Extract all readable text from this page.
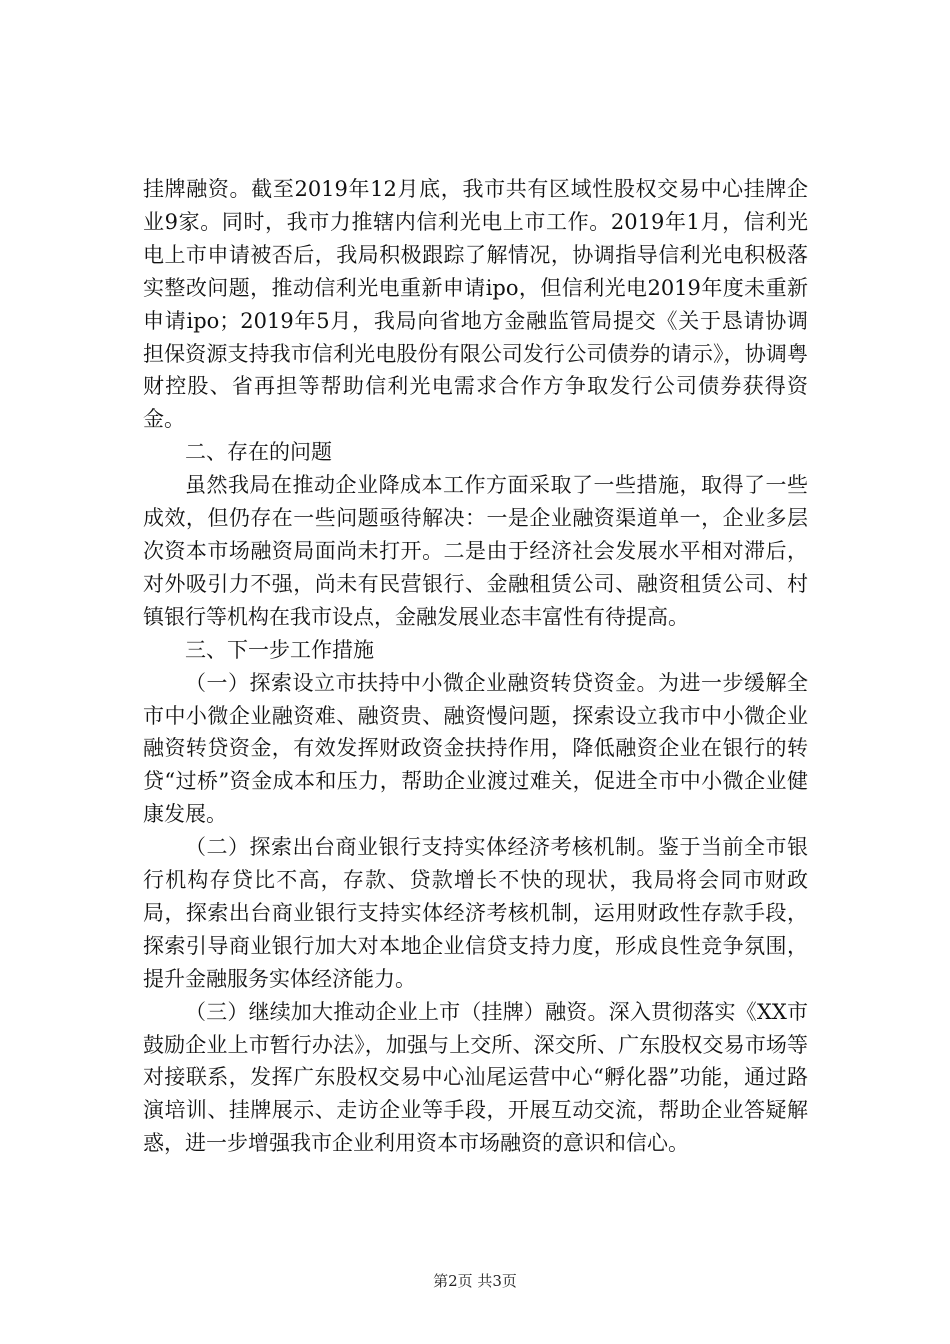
挂牌融资。截至2019年12月底，我市共有区域性股权交易中心挂牌企业9家。同时，我市力推辖内信利光电上市工作。2019年1月，信利光电上市申请被否后，我局积极跟踪了解情况，协调指导信利光电积极落实整改问题，推动信利光电重新申请ipo，但信利光电2019年度未重新申请ipo；2019年5月，我局向省地方金融监管局提交《关于恳请协调担保资源支持我市信利光电股份有限公司发行公司债券的请示》，协调粤财控股、省再担等帮助信利光电需求合作方争取发行公司债券获得资金。

二、存在的问题

虽然我局在推动企业降成本工作方面采取了一些措施，取得了一些成效，但仍存在一些问题亟待解决：一是企业融资渠道单一，企业多层次资本市场融资局面尚未打开。二是由于经济社会发展水平相对滞后，对外吸引力不强，尚未有民营银行、金融租赁公司、融资租赁公司、村镇银行等机构在我市设点，金融发展业态丰富性有待提高。

三、下一步工作措施

（一）探索设立市扶持中小微企业融资转贷资金。为进一步缓解全市中小微企业融资难、融资贵、融资慢问题，探索设立我市中小微企业融资转贷资金，有效发挥财政资金扶持作用，降低融资企业在银行的转贷“过桥”资金成本和压力，帮助企业渡过难关，促进全市中小微企业健康发展。

（二）探索出台商业银行支持实体经济考核机制。鉴于当前全市银行机构存贷比不高，存款、贷款增长不快的现状，我局将会同市财政局，探索出台商业银行支持实体经济考核机制，运用财政性存款手段，探索引导商业银行加大对本地企业信贷支持力度，形成良性竞争氛围，提升金融服务实体经济能力。

（三）继续加大推动企业上市（挂牌）融资。深入贯彻落实《XX市鼓励企业上市暂行办法》，加强与上交所、深交所、广东股权交易市场等对接联系，发挥广东股权交易中心汕尾运营中心“孵化器”功能，通过路演培训、挂牌展示、走访企业等手段，开展互动交流，帮助企业答疑解惑，进一步增强我市企业利用资本市场融资的意识和信心。

第2页 共3页
